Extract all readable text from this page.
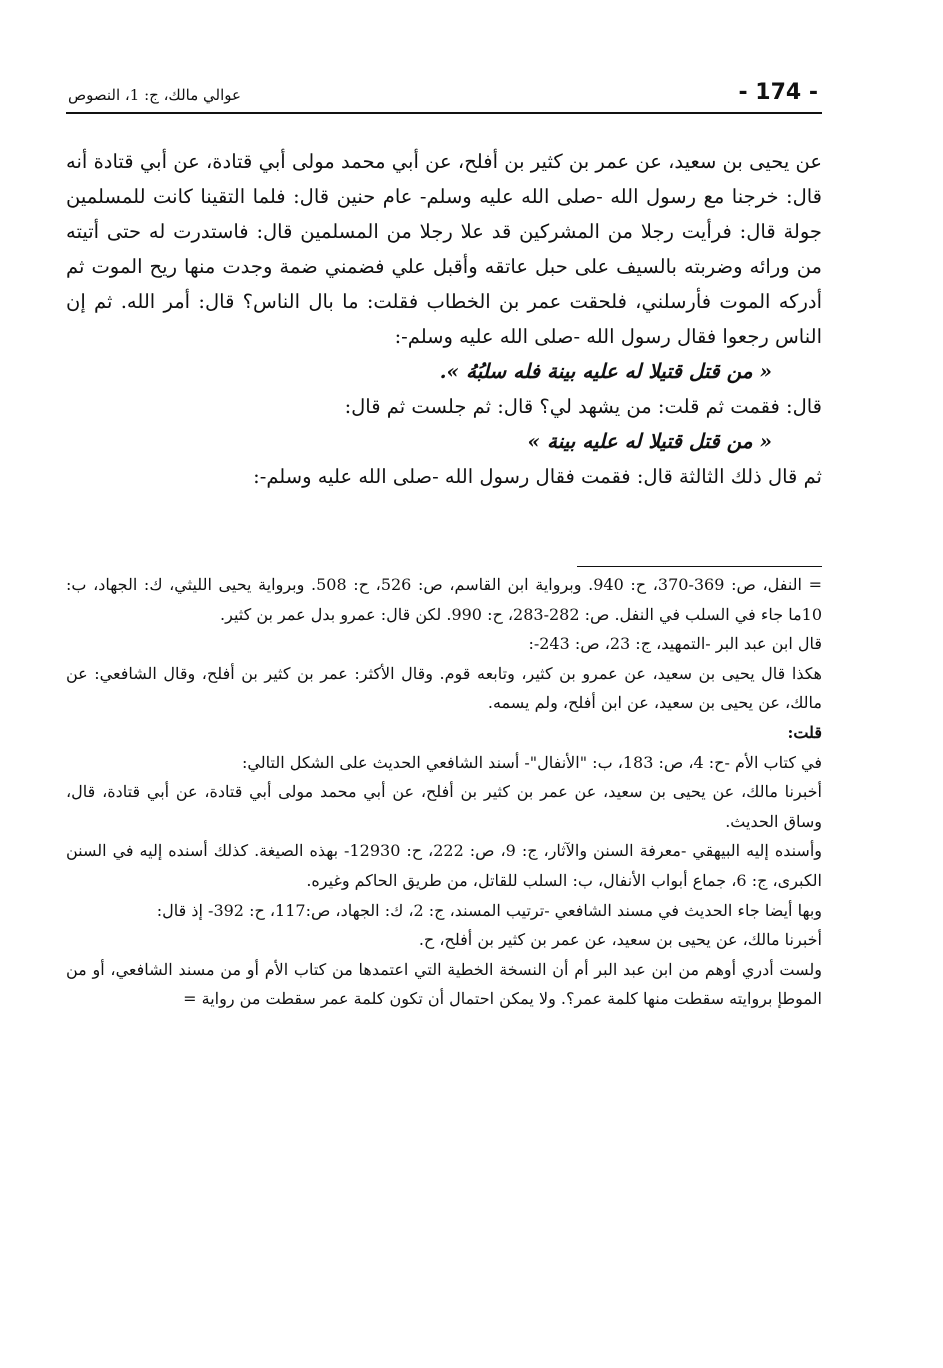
- 174 -
عوالي مالك، ج: 1، النصوص

عن يحيى بن سعيد، عن عمر بن كثير بن أفلح، عن أبي محمد مولى أبي قتادة، عن أبي قتادة أنه قال: خرجنا مع رسول الله -صلى الله عليه وسلم- عام حنين قال: فلما التقينا كانت للمسلمين جولة قال: فرأيت رجلا من المشركين قد علا رجلا من المسلمين قال: فاستدرت له حتى أتيته من ورائه وضربته بالسيف على حبل عاتقه وأقبل علي فضمني ضمة وجدت منها ريح الموت ثم أدركه الموت فأرسلني، فلحقت عمر بن الخطاب فقلت: ما بال الناس؟ قال: أمر الله. ثم إن الناس رجعوا فقال رسول الله -صلى الله عليه وسلم-:

« من قتل قتيلا له عليه بينة فله سلبُهُ ».

قال: فقمت ثم قلت: من يشهد لي؟ قال: ثم جلست ثم قال:

« من قتل قتيلا له عليه بينة »

ثم قال ذلك الثالثة قال: فقمت فقال رسول الله -صلى الله عليه وسلم-:

= النفل، ص: 369-370، ح: 940. وبرواية ابن القاسم، ص: 526، ح: 508. وبرواية يحيى الليثي، ك: الجهاد، ب: 10ما جاء في السلب في النفل. ص: 282-283، ح: 990. لكن قال: عمرو بدل عمر بن كثير.

قال ابن عبد البر -التمهيد، ج: 23، ص: 243-:

هكذا قال يحيى بن سعيد، عن عمرو بن كثير، وتابعه قوم. وقال الأكثر: عمر بن كثير بن أفلح، وقال الشافعي: عن مالك، عن يحيى بن سعيد، عن ابن أفلح، ولم يسمه.

قلت:

في كتاب الأم -ح: 4، ص: 183، ب: "الأنفال"- أسند الشافعي الحديث على الشكل التالي:

أخبرنا مالك، عن يحيى بن سعيد، عن عمر بن كثير بن أفلح، عن أبي محمد مولى أبي قتادة، عن أبي قتادة، قال، وساق الحديث.

وأسنده إليه البيهقي -معرفة السنن والآثار، ج: 9، ص: 222، ح: 12930- بهذه الصيغة. كذلك أسنده إليه في السنن الكبرى، ج: 6، جماع أبواب الأنفال، ب: السلب للقاتل، من طريق الحاكم وغيره.

وبها أيضا جاء الحديث في مسند الشافعي -ترتيب المسند، ج: 2، ك: الجهاد، ص:117، ح: 392- إذ قال:

أخبرنا مالك، عن يحيى بن سعيد، عن عمر بن كثير بن أفلح، ح.

ولست أدري أوهم من ابن عبد البر أم أن النسخة الخطية التي اعتمدها من كتاب الأم أو من مسند الشافعي، أو من الموطإ بروايته سقطت منها كلمة عمر؟. ولا يمكن احتمال أن تكون كلمة عمر سقطت من رواية =
